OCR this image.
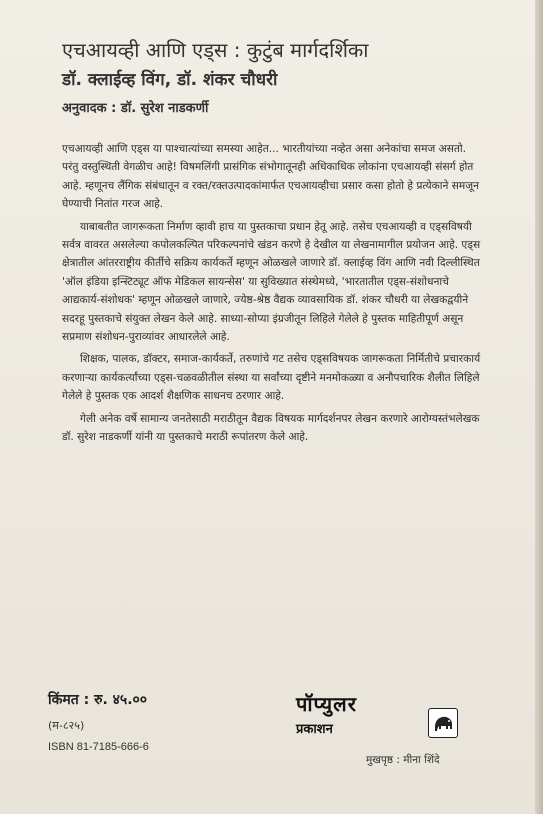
एचआयव्ही आणि एड्स : कुटुंब मार्गदर्शिका
डॉ. क्लाईव्ह विंग, डॉ. शंकर चौधरी
अनुवादक : डॉ. सुरेश नाडकर्णी

एचआयव्ही आणि एड्स या पाश्चात्यांच्या समस्या आहेत... भारतीयांच्या नव्हेत असा अनेकांचा समज असतो. परंतु वस्तुस्थिती वेगळीच आहे! विषमलिंगी प्रासंगिक संभोगातूनही अधिकाधिक लोकांना एचआयव्ही संसर्ग होत आहे. म्हणूनच लैंगिक संबंधातून व रक्त/रक्तउत्पादकांमार्फत एचआयव्हीचा प्रसार कसा होतो हे प्रत्येकाने समजून घेण्याची नितांत गरज आहे.

याबाबतीत जागरूकता निर्माण व्हावी हाच या पुस्तकाचा प्रधान हेतू आहे. तसेच एचआयव्ही व एड्सविषयी सर्वत्र वावरत असलेल्या कपोलकल्पित परिकल्पनांचे खंडन करणे हे देखील या लेखनामागील प्रयोजन आहे. एड्स क्षेत्रातील आंतरराष्ट्रीय कीर्तीचे सक्रिय कार्यकर्ते म्हणून ओळखले जाणारे डॉ. क्लाईव्ह विंग आणि नवी दिल्लीस्थित 'ऑल इंडिया इन्स्टिट्यूट ऑफ मेडिकल सायन्सेस' या सुविख्यात संस्थेमध्ये, 'भारतातील एड्स-संशोधनाचे आद्यकार्य-संशोधक' म्हणून ओळखले जाणारे, ज्येष्ठ-श्रेष्ठ वैद्यक व्यावसायिक डॉ. शंकर चौधरी या लेखकद्वयीने सदरहू पुस्तकाचे संयुक्त लेखन केले आहे. साध्या-सोप्या इंग्रजीतून लिहिले गेलेले हे पुस्तक माहितीपूर्ण असून सप्रमाण संशोधन-पुराव्यांवर आधारलेले आहे.

शिक्षक, पालक, डॉक्टर, समाज-कार्यकर्ते, तरुणांचे गट तसेच एड्सविषयक जागरूकता निर्मितीचे प्रचारकार्य करणाऱ्या कार्यकर्त्यांच्या एड्स-चळवळीतील संस्था या सर्वांच्या दृष्टीने मनमोकळ्या व अनौपचारिक शैलीत लिहिले गेलेले हे पुस्तक एक आदर्श शैक्षणिक साधनच ठरणार आहे.

गेली अनेक वर्षे सामान्य जनतेसाठी मराठीतून वैद्यक विषयक मार्गदर्शनपर लेखन करणारे आरोग्यस्तंभलेखक डॉ. सुरेश नाडकर्णी यांनी या पुस्तकाचे मराठी रूपांतरण केले आहे.

किंमत : रु. ४५.००
(म-८२५)
ISBN 81-7185-666-6
पॉप्युलर
प्रकाशन
मुखपृष्ठ : मीना शिंदे
